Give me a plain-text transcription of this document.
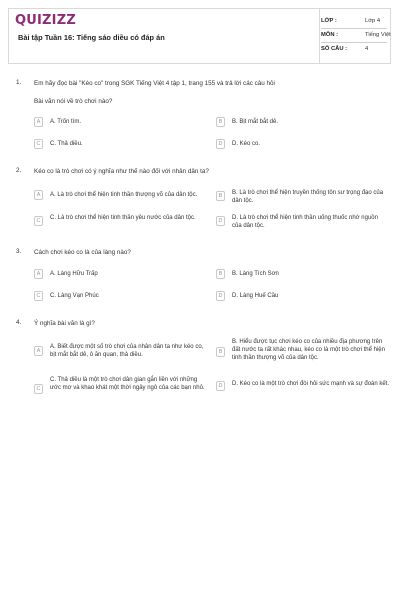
QUIZIZZ
Bài tập Tuần 16: Tiếng sáo diều có đáp án
LỚP :	Lớp 4
MÔN :	Tiếng Việt
SỐ CÂU :	4
1. Em hãy đọc bài "Kéo co" trong SGK Tiếng Việt 4 tập 1, trang 155 và trả lời các câu hỏi
Bài văn nói về trò chơi nào?
A	A. Trốn tìm.	B	B. Bịt mắt bắt dê.
C	C. Thả diều.	D	D. Kéo co.
2. Kéo co là trò chơi có ý nghĩa như thế nào đối với nhân dân ta?
A	A. Là trò chơi thể hiện tinh thần thượng võ của dân tộc.	B	B. Là trò chơi thể hiện truyền thống tôn sư trọng đạo của dân tộc.
C	C. Là trò chơi thể hiện tinh thần yêu nước của dân tộc.	D	D. Là trò chơi thể hiện tinh thần uống thuốc nhớ nguồn của dân tộc.
3. Cách chơi kéo co là của làng nào?
A	A. Làng Hữu Trấp	B	B. Làng Tích Sơn
C	C. Làng Vạn Phúc	D	D. Làng Huế Cầu
4. Ý nghĩa bài văn là gì?
A
A. Biết được một số trò chơi của nhân dân ta như kéo co, bịt mắt bắt dê, ô ăn quan, thả diều.	B
B. Hiểu được tục chơi kéo co của nhiều địa phương trên đất nước ta rất khác nhau, kéo co là một trò chơi thể hiện tinh thần thượng võ của dân tộc.
C
C. Thả diều là một trò chơi dân gian gắn liền với những ước mơ và khao khát một thời ngây ngô của các bạn nhỏ.	D	D. Kéo co là một trò chơi đòi hỏi sức mạnh và sự đoàn kết.
